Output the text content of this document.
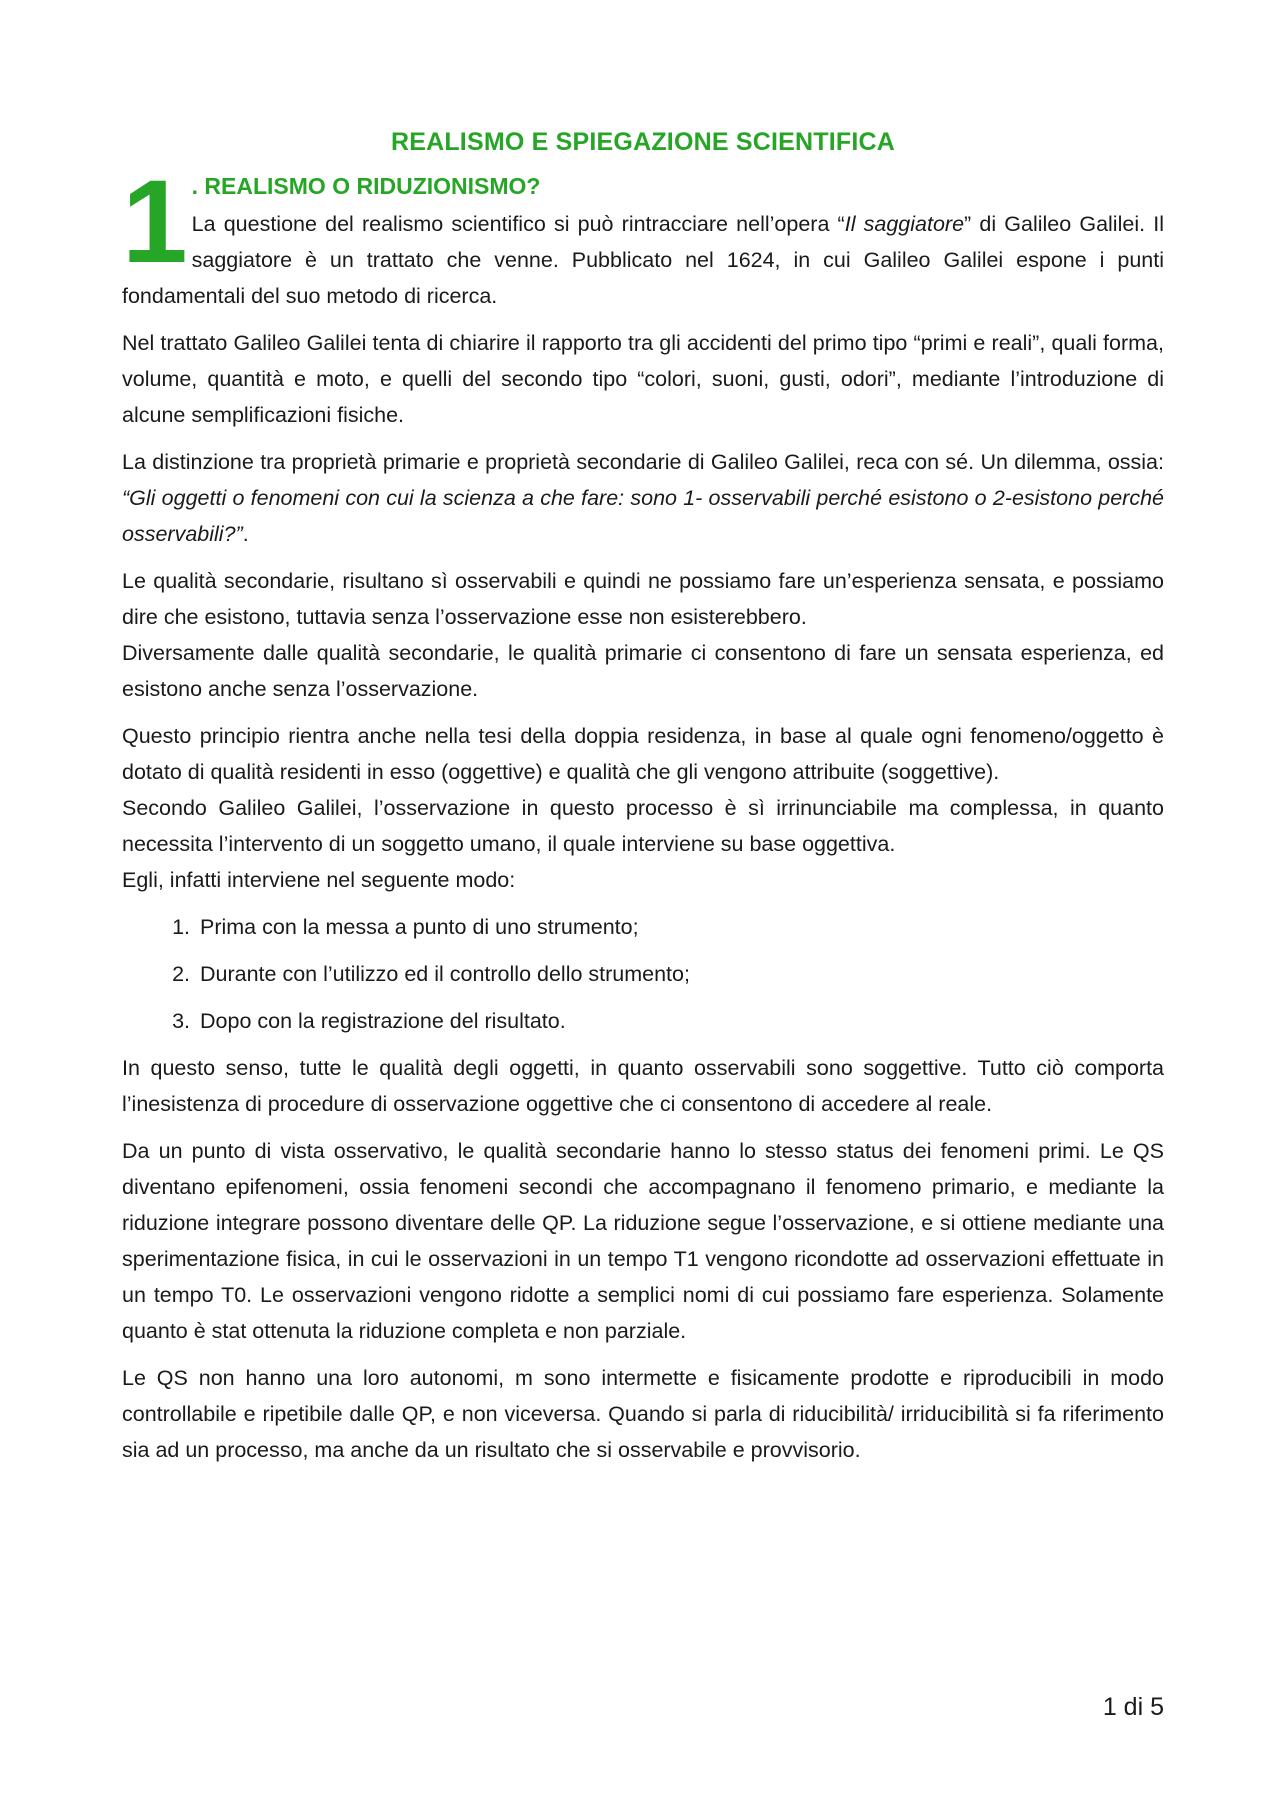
REALISMO E SPIEGAZIONE SCIENTIFICA
1 . REALISMO O RIDUZIONISMO?

La questione del realismo scientifico si può rintracciare nell’opera “Il saggiatore” di Galileo Galilei. Il saggiatore è un trattato che venne. Pubblicato nel 1624, in cui Galileo Galilei espone i punti fondamentali del suo metodo di ricerca.

Nel trattato Galileo Galilei tenta di chiarire il rapporto tra gli accidenti del primo tipo “primi e reali”, quali forma, volume, quantità e moto, e quelli del secondo tipo “colori, suoni, gusti, odori”, mediante l’introduzione di alcune semplificazioni fisiche.

La distinzione tra proprietà primarie e proprietà secondarie di Galileo Galilei, reca con sé. Un dilemma, ossia: “Gli oggetti o fenomeni con cui la scienza a che fare: sono 1- osservabili perché esistono o 2-esistono perché osservabili?”.

Le qualità secondarie, risultano sì osservabili e quindi ne possiamo fare un’esperienza sensata, e possiamo dire che esistono, tuttavia senza l’osservazione esse non esisterebbero.

Diversamente dalle qualità secondarie, le qualità primarie ci consentono di fare un sensata esperienza, ed esistono anche senza l’osservazione.

Questo principio rientra anche nella tesi della doppia residenza, in base al quale ogni fenomeno/oggetto è dotato di qualità residenti in esso (oggettive) e qualità che gli vengono attribuite (soggettive).

Secondo Galileo Galilei, l’osservazione in questo processo è sì irrinunciabile ma complessa, in quanto necessita l’intervento di un soggetto umano, il quale interviene su base oggettiva.

Egli, infatti interviene nel seguente modo:

1. Prima con la messa a punto di uno strumento;
2. Durante con l’utilizzo ed il controllo dello strumento;
3. Dopo con la registrazione del risultato.

In questo senso, tutte le qualità degli oggetti, in quanto osservabili sono soggettive. Tutto ciò comporta l’inesistenza di procedure di osservazione oggettive che ci consentono di accedere al reale.

Da un punto di vista osservativo, le qualità secondarie hanno lo stesso status dei fenomeni primi. Le QS diventano epifenomeni, ossia fenomeni secondi che accompagnano il fenomeno primario, e mediante la riduzione integrare possono diventare delle QP. La riduzione segue l’osservazione, e si ottiene mediante una sperimentazione fisica, in cui le osservazioni in un tempo T1 vengono ricondotte ad osservazioni effettuate in un tempo T0. Le osservazioni vengono ridotte a semplici nomi di cui possiamo fare esperienza. Solamente quanto è stat ottenuta la riduzione completa e non parziale.

Le QS non hanno una loro autonomi, m sono intermette e fisicamente prodotte e riproducibili in modo controllabile e ripetibile dalle QP, e non viceversa. Quando si parla di riducibilità/ irriducibilità si fa riferimento sia ad un processo, ma anche da un risultato che si osservabile e provvisorio.

1 di 5
